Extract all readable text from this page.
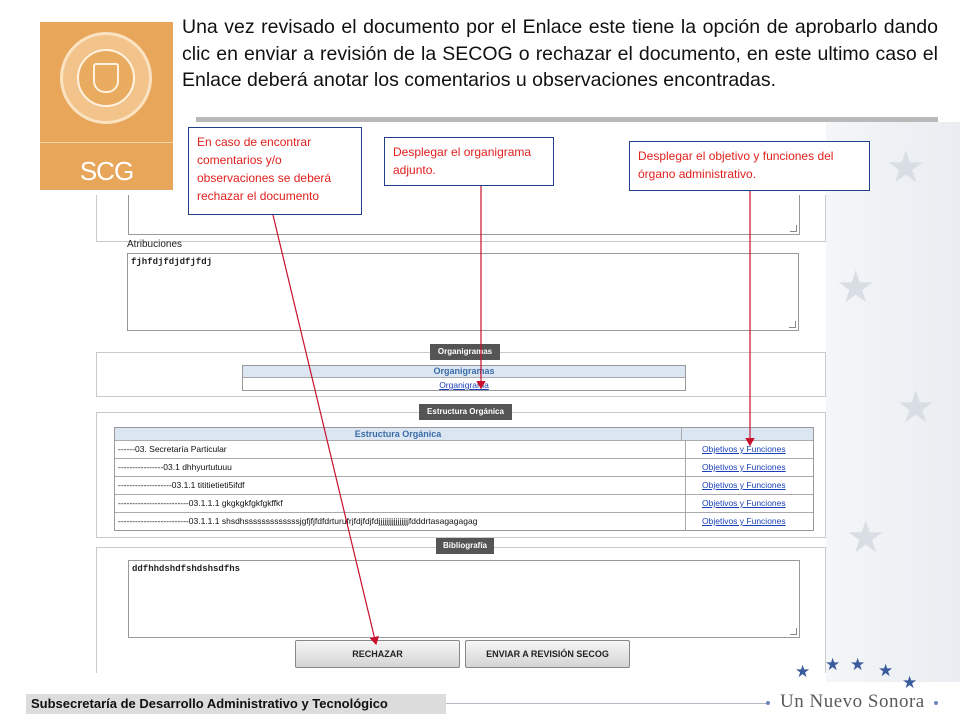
SCG

Una vez revisado el documento por el Enlace este tiene la opción de aprobarlo dando clic en enviar a revisión de la SECOG o rechazar el documento, en este ultimo caso el Enlace deberá anotar los comentarios u observaciones encontradas.

★
★
★
★
Atribuciones
fjhfdjfdjdfjfdj
Organigramas
Organigrama
Organigramas
Estructura Orgánica
------03. Secretaría Particular	Objetivos y Funciones
----------------03.1 dhhyurtutuuu	Objetivos y Funciones
-------------------03.1.1 tititietieti5ifdf	Objetivos y Funciones
-------------------------03.1.1.1 gkgkgkfgkfgkffkf	Objetivos y Funciones
-------------------------03.1.1.1 shsdhsssssssssssssjgfjfjfdfdrturufrjfdjfdjfdjjjjjjjjjjjjjjjjfdddrtasagagagag	Objetivos y Funciones
Estructura Orgánica
ddfhhdshdfshdshsdfhs
Bibliografía
RECHAZAR	ENVIAR A REVISIÓN SECOG
En caso de encontrar comentarios y/o observaciones se deberá rechazar el documento
Desplegar el organigrama adjunto.
Desplegar el objetivo y funciones del órgano administrativo.
Subsecretaría de Desarrollo Administrativo y Tecnológico	Un Nuevo Sonora
★ ★ ★ ★
★
